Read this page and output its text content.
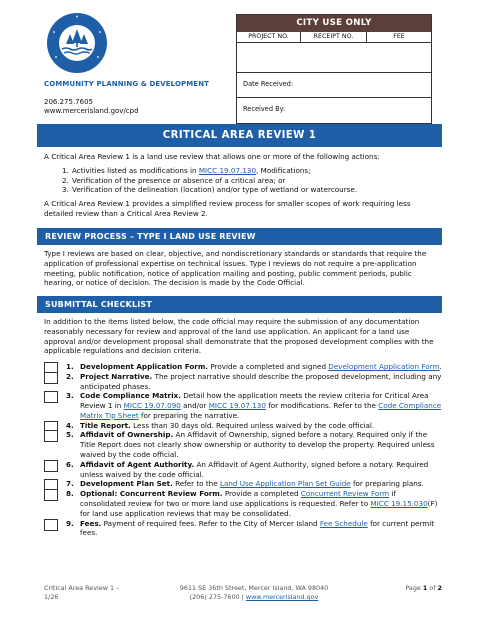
COMMUNITY PLANNING & DEVELOPMENT
206.275.7605
www.mercerisland.gov/cpd
CITY USE ONLY
PROJECT NO.	RECEIPT NO.	FEE
Date Received:
Received By:
CRITICAL AREA REVIEW 1
A Critical Area Review 1 is a land use review that allows one or more of the following actions:
1. Activities listed as modifications in MICC 19.07.130, Modifications;
2. Verification of the presence or absence of a critical area; or
3. Verification of the delineation (location) and/or type of wetland or watercourse.
A Critical Area Review 1 provides a simplified review process for smaller scopes of work requiring less detailed review than a Critical Area Review 2.
REVIEW PROCESS – TYPE I LAND USE REVIEW
Type I reviews are based on clear, objective, and nondiscretionary standards or standards that require the application of professional expertise on technical issues. Type I reviews do not require a pre-application meeting, public notification, notice of application mailing and posting, public comment periods, public hearing, or notice of decision. The decision is made by the Code Official.
SUBMITTAL CHECKLIST
In addition to the items listed below, the code official may require the submission of any documentation reasonably necessary for review and approval of the land use application. An applicant for a land use approval and/or development proposal shall demonstrate that the proposed development complies with the applicable regulations and decision criteria.
1. Development Application Form. Provide a completed and signed Development Application Form.
2. Project Narrative. The project narrative should describe the proposed development, including any anticipated phases.
3. Code Compliance Matrix. Detail how the application meets the review criteria for Critical Area Review 1 in MICC 19.07.090 and/or MICC 19.07.130 for modifications. Refer to the Code Compliance Matrix Tip Sheet for preparing the narrative.
4. Title Report. Less than 30 days old. Required unless waived by the code official.
5. Affidavit of Ownership. An Affidavit of Ownership, signed before a notary. Required only if the Title Report does not clearly show ownership or authority to develop the property. Required unless waived by the code official.
6. Affidavit of Agent Authority. An Affidavit of Agent Authority, signed before a notary. Required unless waived by the code official.
7. Development Plan Set. Refer to the Land Use Application Plan Set Guide for preparing plans.
8. Optional: Concurrent Review Form. Provide a completed Concurrent Review Form if consolidated review for two or more land use applications is requested. Refer to MICC 19.15.030(F) for land use application reviews that may be consolidated.
9. Fees. Payment of required fees. Refer to the City of Mercer Island Fee Schedule for current permit fees.
Critical Area Review 1 –
1/26
9611 SE 36th Street, Mercer Island, WA 98040
(206) 275-7600 | www.mercerisland.gov
Page 1 of 2
